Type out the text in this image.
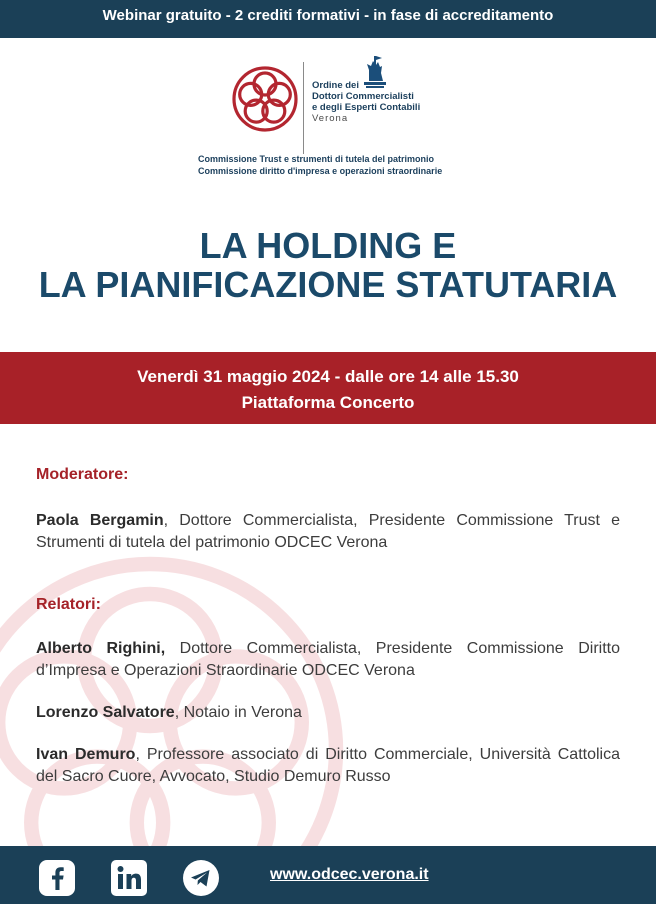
Webinar gratuito - 2 crediti formativi - in fase di accreditamento
Ordine dei
Dottori Commercialisti
e degli Esperti Contabili
Verona
Commissione Trust e strumenti di tutela del patrimonio
Commissione diritto d'impresa e operazioni straordinarie
LA HOLDING E
LA PIANIFICAZIONE STATUTARIA
Venerdì 31 maggio 2024 - dalle ore 14 alle 15.30
Piattaforma Concerto
Moderatore:
Paola Bergamin, Dottore Commercialista, Presidente Commissione Trust e Strumenti di tutela del patrimonio ODCEC Verona
Relatori:
Alberto Righini, Dottore Commercialista, Presidente Commissione Diritto d’Impresa e Operazioni Straordinarie ODCEC Verona
Lorenzo Salvatore, Notaio in Verona
Ivan Demuro, Professore associato di Diritto Commerciale, Università Cattolica del Sacro Cuore, Avvocato, Studio Demuro Russo
www.odcec.verona.it
